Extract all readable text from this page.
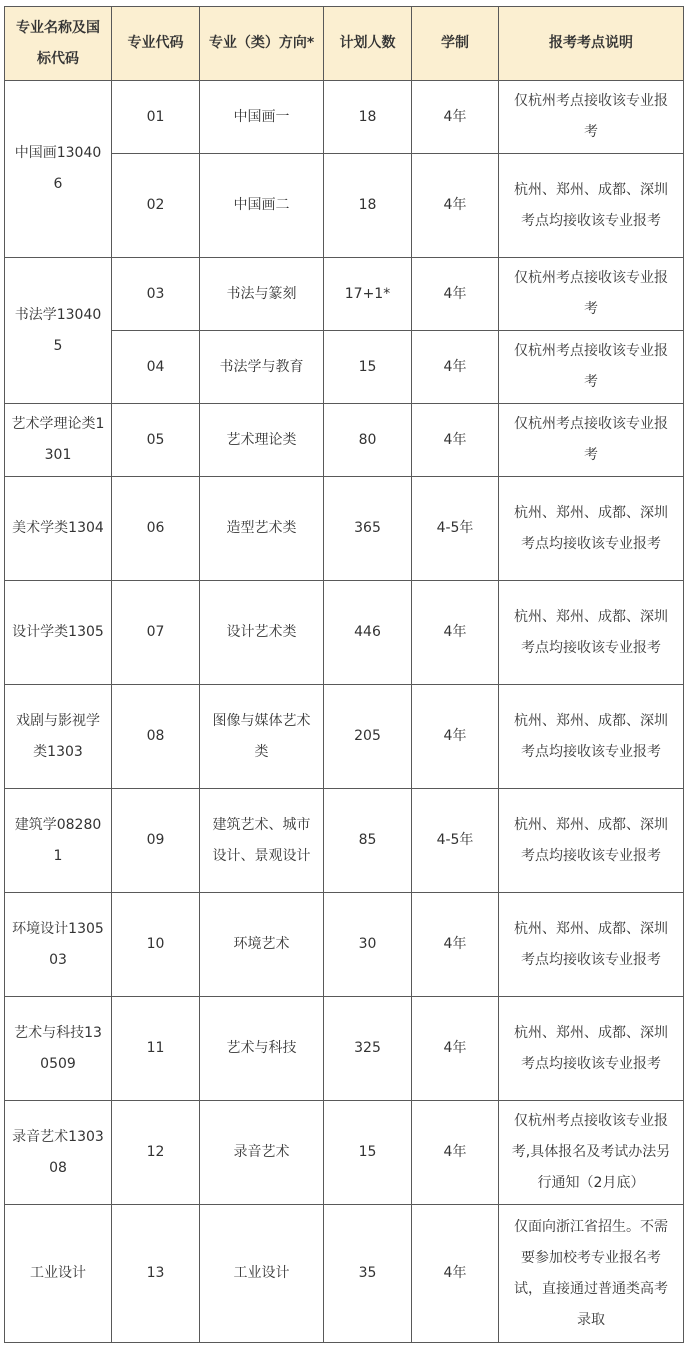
专业名称及国标代码	专业代码	专业（类）方向*	计划人数	学制	报考考点说明
中国画130406	01	中国画一	18	4年	仅杭州考点接收该专业报考
	02	中国画二	18	4年	杭州、郑州、成都、深圳考点均接收该专业报考
书法学130405	03	书法与篆刻	17+1*	4年	仅杭州考点接收该专业报考
	04	书法学与教育	15	4年	仅杭州考点接收该专业报考
艺术学理论类1301	05	艺术理论类	80	4年	仅杭州考点接收该专业报考
美术学类1304	06	造型艺术类	365	4-5年	杭州、郑州、成都、深圳考点均接收该专业报考
设计学类1305	07	设计艺术类	446	4年	杭州、郑州、成都、深圳考点均接收该专业报考
戏剧与影视学类1303	08	图像与媒体艺术类	205	4年	杭州、郑州、成都、深圳考点均接收该专业报考
建筑学082801	09	建筑艺术、城市设计、景观设计	85	4-5年	杭州、郑州、成都、深圳考点均接收该专业报考
环境设计130503	10	环境艺术	30	4年	杭州、郑州、成都、深圳考点均接收该专业报考
艺术与科技130509	11	艺术与科技	325	4年	杭州、郑州、成都、深圳考点均接收该专业报考
录音艺术130308	12	录音艺术	15	4年	仅杭州考点接收该专业报考,具体报名及考试办法另行通知（2月底）
工业设计	13	工业设计	35	4年	仅面向浙江省招生。不需要参加校考专业报名考试，直接通过普通类高考录取
